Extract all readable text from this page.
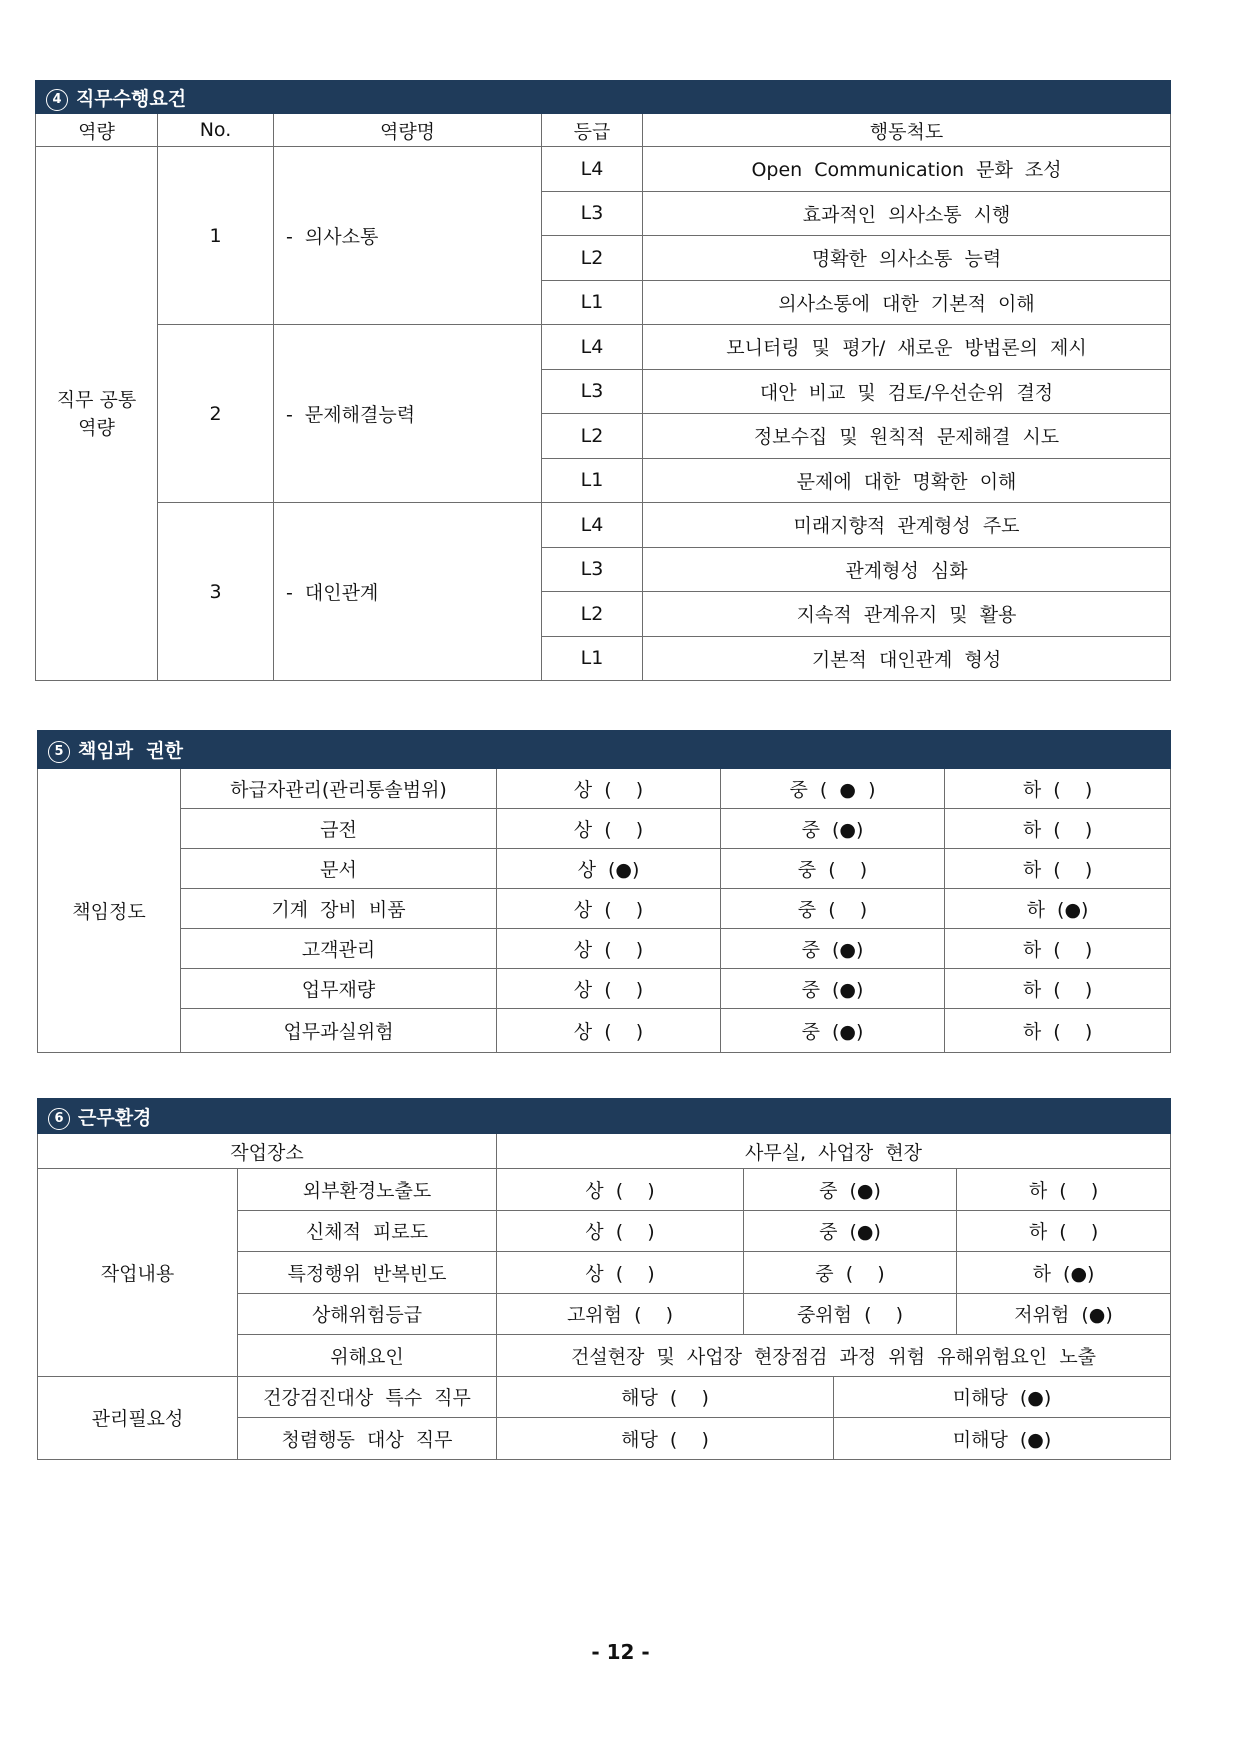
4 직무수행요건				
역량	No.	역량명	등급	행동척도
직무 공통역량	1	-  의사소통	L4	Open  Communication  문화  조성
			L3	효과적인  의사소통  시행
			L2	명확한  의사소통  능력
			L1	의사소통에  대한  기본적  이해
	2	-  문제해결능력	L4	모니터링  및  평가/  새로운  방법론의  제시
			L3	대안  비교  및  검토/우선순위  결정
			L2	정보수집  및  원칙적  문제해결  시도
			L1	문제에  대한  명확한  이해
	3	-  대인관계	L4	미래지향적  관계형성  주도
			L3	관계형성  심화
			L2	지속적  관계유지  및  활용
			L1	기본적  대인관계  형성
5 책임과  권한				
책임정도	하급자관리(관리통솔범위)	상  (    )	중  (  ●  )	하  (    )
	금전	상  (    )	중  (●)	하  (    )
	문서	상  (●)	중  (    )	하  (    )
	기계  장비  비품	상  (    )	중  (    )	하  (●)
	고객관리	상  (    )	중  (●)	하  (    )
	업무재량	상  (    )	중  (●)	하  (    )
	업무과실위험	상  (    )	중  (●)	하  (    )
6 근무환경					
작업장소		사무실,  사업장  현장			
작업내용	외부환경노출도	상  (    )	중  (●)		하  (    )
	신체적  피로도	상  (    )	중  (●)		하  (    )
	특정행위  반복빈도	상  (    )	중  (    )		하  (●)
	상해위험등급	고위험  (    )	중위험  (    )		저위험  (●)
	위해요인	건설현장  및  사업장  현장점검  과정  위험  유해위험요인  노출			
관리필요성	건강검진대상  특수  직무	해당  (    )		미해당  (●)	
	청렴행동  대상  직무	해당  (    )		미해당  (●)	
- 12 -
